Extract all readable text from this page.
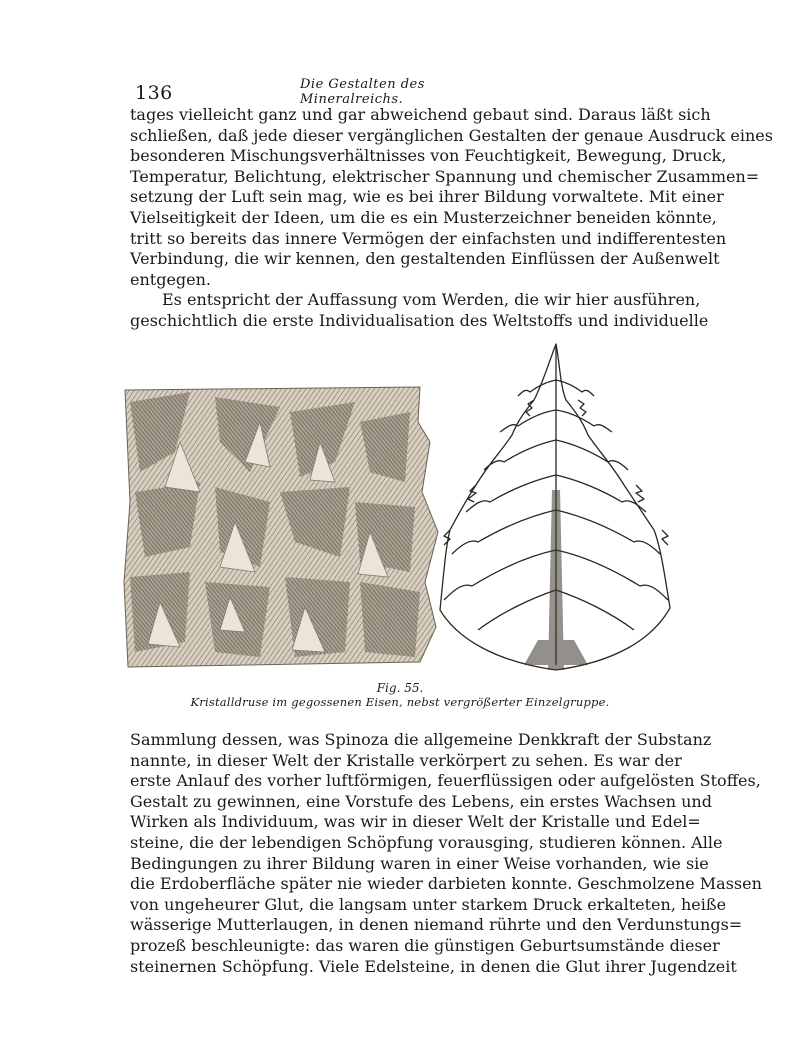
136	Die Gestalten des Mineralreichs.
tages vielleicht ganz und gar abweichend gebaut sind. Daraus läßt sich
schließen, daß jede dieser vergänglichen Gestalten der genaue Ausdruck eines
besonderen Mischungsverhältnisses von Feuchtigkeit, Bewegung, Druck,
Temperatur, Belichtung, elektrischer Spannung und chemischer Zusammen=
setzung der Luft sein mag, wie es bei ihrer Bildung vorwaltete. Mit einer
Vielseitigkeit der Ideen, um die es ein Musterzeichner beneiden könnte,
tritt so bereits das innere Vermögen der einfachsten und indifferentesten
Verbindung, die wir kennen, den gestaltenden Einflüssen der Außenwelt
entgegen.
Es entspricht der Auffassung vom Werden, die wir hier ausführen,
geschichtlich die erste Individualisation des Weltstoffs und individuelle
Fig. 55.
Kristalldruse im gegossenen Eisen, nebst vergrößerter Einzelgruppe.
Sammlung dessen, was Spinoza die allgemeine Denkkraft der Substanz
nannte, in dieser Welt der Kristalle verkörpert zu sehen. Es war der
erste Anlauf des vorher luftförmigen, feuerflüssigen oder aufgelösten Stoffes,
Gestalt zu gewinnen, eine Vorstufe des Lebens, ein erstes Wachsen und
Wirken als Individuum, was wir in dieser Welt der Kristalle und Edel=
steine, die der lebendigen Schöpfung vorausging, studieren können. Alle
Bedingungen zu ihrer Bildung waren in einer Weise vorhanden, wie sie
die Erdoberfläche später nie wieder darbieten konnte. Geschmolzene Massen
von ungeheurer Glut, die langsam unter starkem Druck erkalteten, heiße
wässerige Mutterlaugen, in denen niemand rührte und den Verdunstungs=
prozeß beschleunigte: das waren die günstigen Geburtsumstände dieser
steinernen Schöpfung. Viele Edelsteine, in denen die Glut ihrer Jugendzeit
